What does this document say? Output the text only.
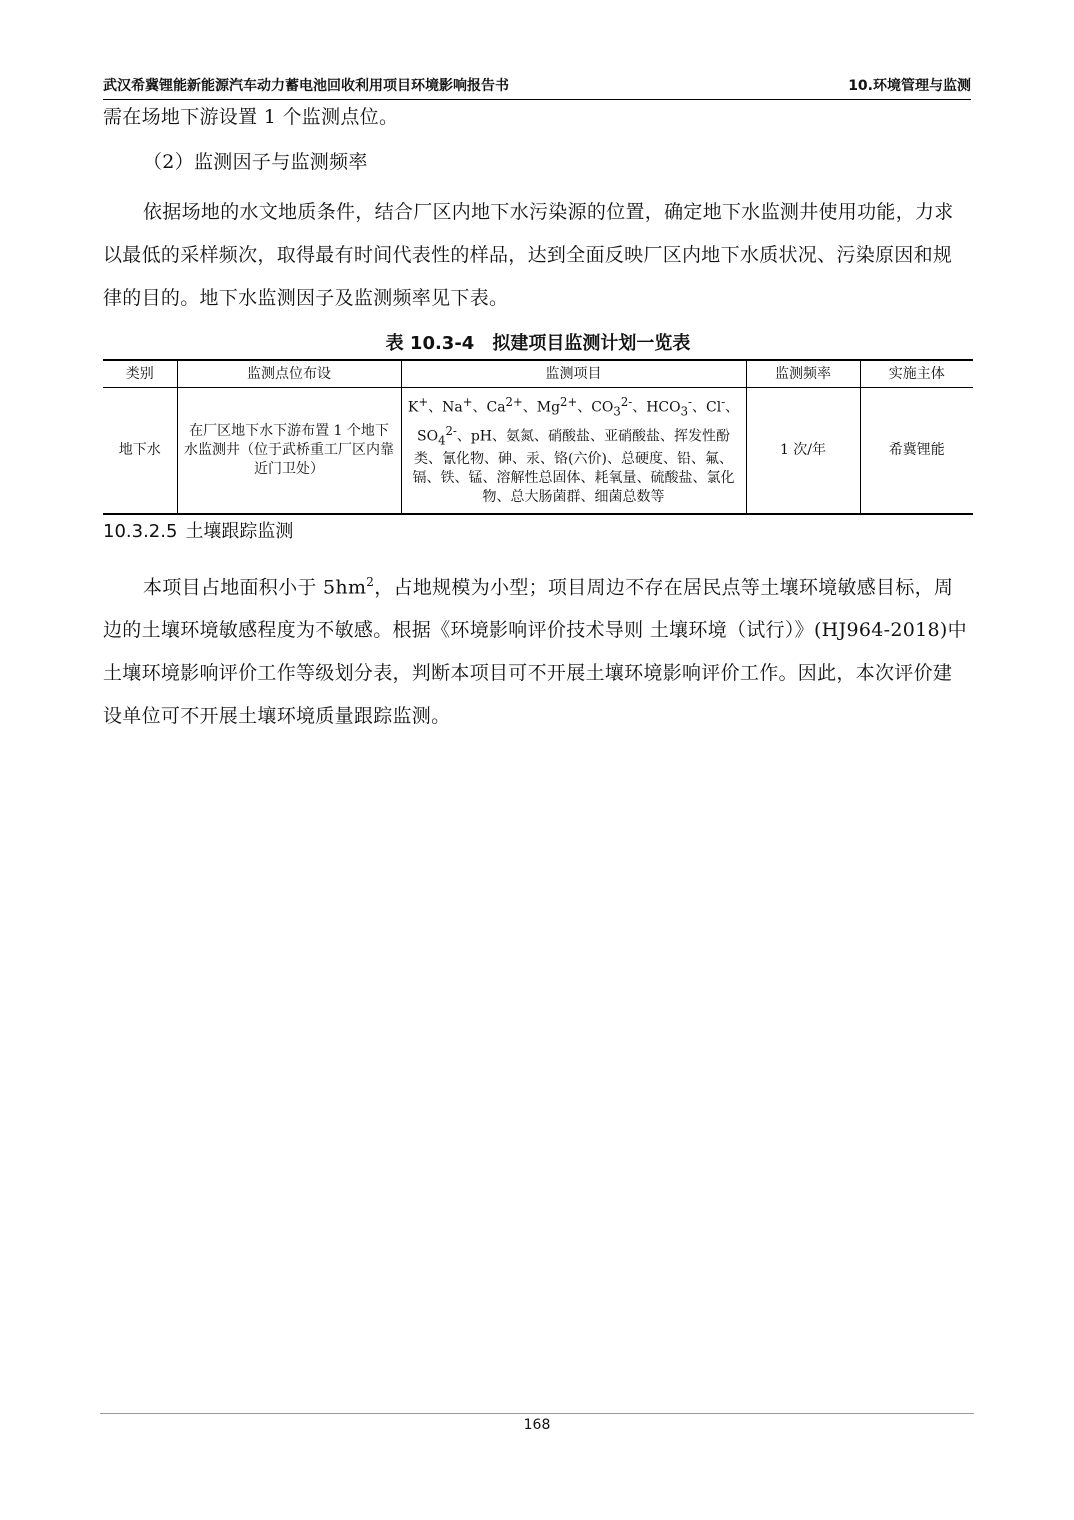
武汉希冀锂能新能源汽车动力蓄电池回收利用项目环境影响报告书	10.环境管理与监测

需在场地下游设置 1 个监测点位。

（2）监测因子与监测频率

依据场地的水文地质条件，结合厂区内地下水污染源的位置，确定地下水监测井使用功能，力求以最低的采样频次，取得最有时间代表性的样品，达到全面反映厂区内地下水质状况、污染原因和规律的目的。地下水监测因子及监测频率见下表。

表 10.3-4 拟建项目监测计划一览表
类别	监测点位布设	监测项目	监测频率	实施主体
地下水	在厂区地下水下游布置 1 个地下水监测井（位于武桥重工厂区内靠近门卫处）	K+、Na+、$Ca^{2+}$、$Mg^{2+}$、$CO_3^{2-}$、$HCO_3^-$、Cl-、$SO_4^{2-}$、pH、氨氮、硝酸盐、亚硝酸盐、挥发性酚类、氰化物、砷、汞、铬(六价)、总硬度、铅、氟、镉、铁、锰、溶解性总固体、耗氧量、硫酸盐、氯化物、总大肠菌群、细菌总数等	1 次/年	希冀锂能
10.3.2.5 土壤跟踪监测

本项目占地面积小于 $5hm^2$，占地规模为小型；项目周边不存在居民点等土壤环境敏感目标，周边的土壤环境敏感程度为不敏感。根据《环境影响评价技术导则 土壤环境（试行）》(HJ964-2018)中土壤环境影响评价工作等级划分表，判断本项目可不开展土壤环境影响评价工作。因此，本次评价建设单位可不开展土壤环境质量跟踪监测。

168
